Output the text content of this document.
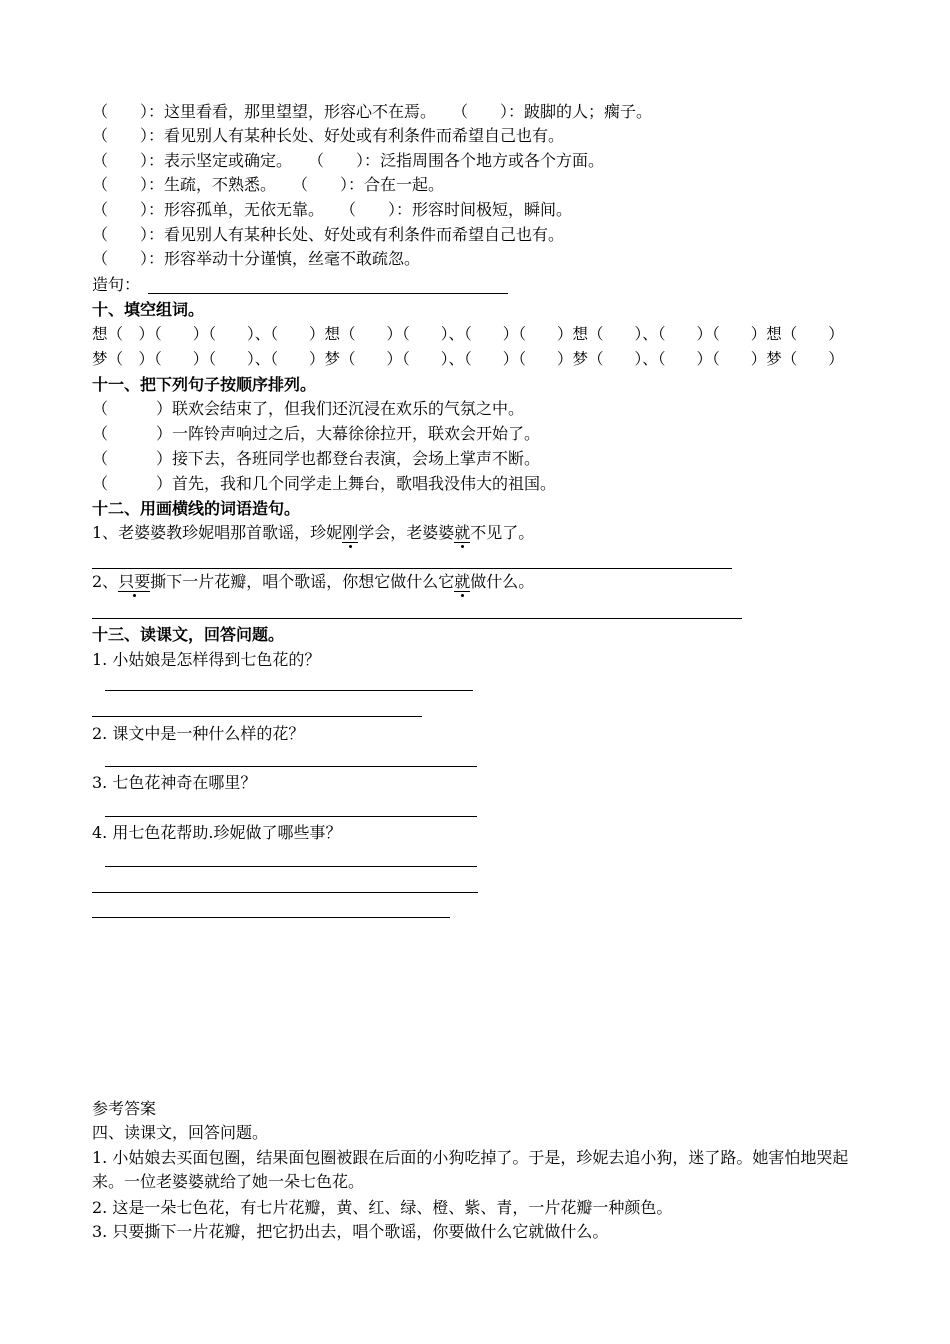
（　　）：这里看看，那里望望，形容心不在焉。　　（　　）：跛脚的人；瘸子。
（　　）：看见别人有某种长处、好处或有利条件而希望自己也有。
（　　）：表示坚定或确定。　　（　　）：泛指周围各个地方或各个方面。
（　　）：生疏，不熟悉。　　（　　）：合在一起。
（　　）：形容孤单，无依无靠。　　（　　）：形容时间极短，瞬间。
（　　）：看见别人有某种长处、好处或有利条件而希望自己也有。
（　　）：形容举动十分谨慎，丝毫不敢疏忽。
造句：
十、填空组词。
想（　）（　　）（　　）、（　　）想（　　）（　　）、（　　）（　　）想（　　）、（　　）（　　）想（　　）
梦（　）（　　）（　　）、（　　）梦（　　）（　　）、（　　）（　　）梦（　　）、（　　）（　　）梦（　　）
十一、把下列句子按顺序排列。
（　　　）联欢会结束了，但我们还沉浸在欢乐的气氛之中。
（　　　）一阵铃声响过之后，大幕徐徐拉开，联欢会开始了。
（　　　）接下去，各班同学也都登台表演，会场上掌声不断。
（　　　）首先，我和几个同学走上舞台，歌唱我没伟大的祖国。
十二、用画横线的词语造句。
1、老婆婆教珍妮唱那首歌谣，珍妮刚学会，老婆婆就不见了。
2、只要撕下一片花瓣，唱个歌谣，你想它做什么它就做什么。
十三、读课文，回答问题。
1. 小姑娘是怎样得到七色花的？
2. 课文中是一种什么样的花？
3. 七色花神奇在哪里？
4. 用七色花帮助.珍妮做了哪些事？
参考答案
四、读课文，回答问题。
1. 小姑娘去买面包圈，结果面包圈被跟在后面的小狗吃掉了。于是，珍妮去追小狗，迷了路。她害怕地哭起来。一位老婆婆就给了她一朵七色花。
2. 这是一朵七色花，有七片花瓣，黄、红、绿、橙、紫、青，一片花瓣一种颜色。
3. 只要撕下一片花瓣，把它扔出去，唱个歌谣，你要做什么它就做什么。
